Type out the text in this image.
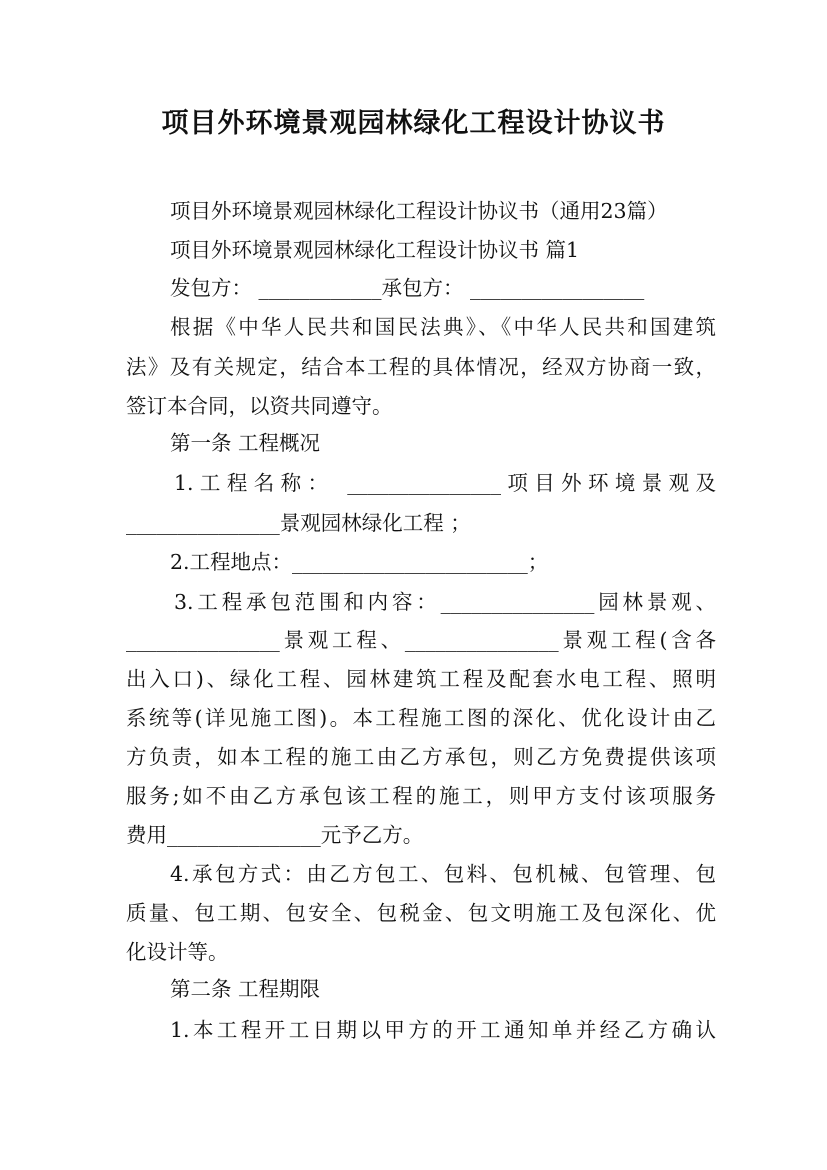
项目外环境景观园林绿化工程设计协议书
项目外环境景观园林绿化工程设计协议书（通用23篇）
项目外环境景观园林绿化工程设计协议书 篇1
发包方： ____________承包方： _________________
根据《中华人民共和国民法典》、《中华人民共和国建筑
法》及有关规定，结合本工程的具体情况，经双方协商一致，
签订本合同，以资共同遵守。
第一条 工程概况
1.工程名称： _______________项目外环境景观及
_______________景观园林绿化工程 ；
2.工程地点：_______________________；
3.工程承包范围和内容：_______________园林景观、
_______________景观工程、_______________景观工程(含各
出入口)、绿化工程、园林建筑工程及配套水电工程、照明
系统等(详见施工图)。本工程施工图的深化、优化设计由乙
方负责，如本工程的施工由乙方承包，则乙方免费提供该项
服务;如不由乙方承包该工程的施工，则甲方支付该项服务
费用_______________元予乙方。
4.承包方式：由乙方包工、包料、包机械、包管理、包
质量、包工期、包安全、包税金、包文明施工及包深化、优
化设计等。
第二条 工程期限
1.本工程开工日期以甲方的开工通知单并经乙方确认
